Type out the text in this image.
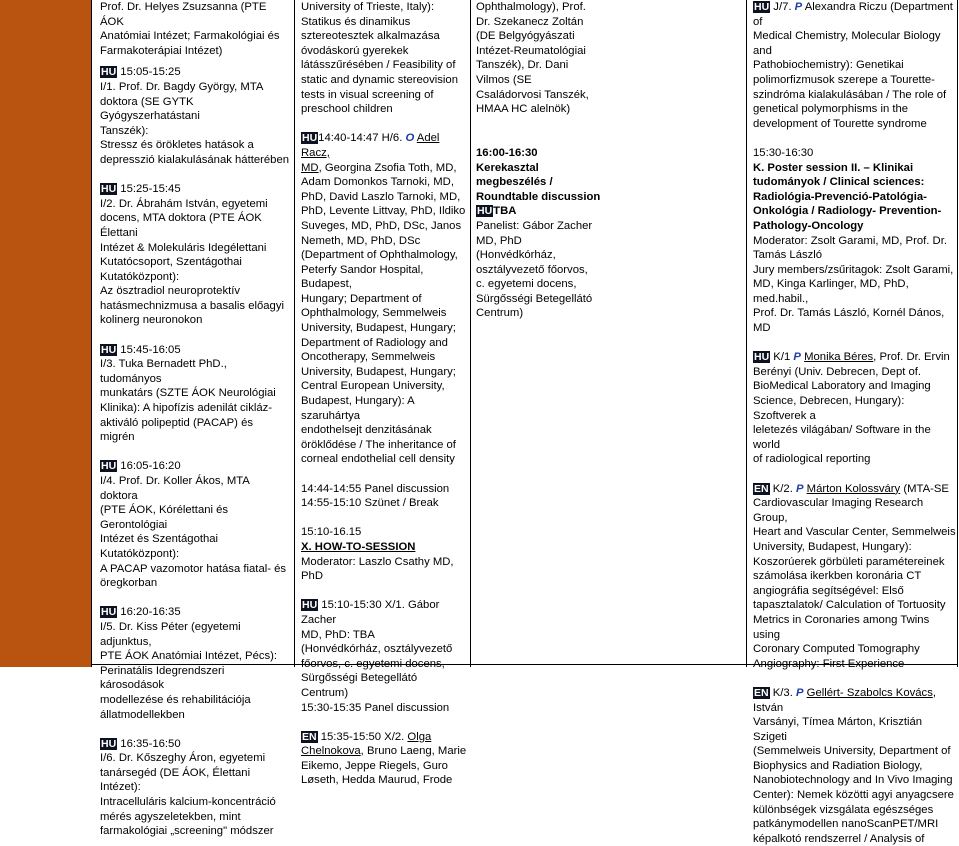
Prof. Dr. Helyes Zsuzsanna (PTE ÁOK
Anatómiai Intézet; Farmakológiai és
Farmakoterápiai Intézet)
HU 15:05-15:25
I/1. Prof. Dr. Bagdy György, MTA
doktora (SE GYTK Gyógyszerhatástani
Tanszék):
Stressz és örökletes hatások a
depresszió kialakulásának hátterében
HU 15:25-15:45
I/2. Dr. Ábrahám István, egyetemi
docens, MTA doktora (PTE ÁOK Élettani
Intézet & Molekuláris Idegélettani
Kutatócsoport, Szentágothai
Kutatóközpont):
Az ösztradiol neuroprotektív
hatásmechnizmusa a basalis előagyi
kolinerg neuronokon
HU 15:45-16:05
I/3. Tuka Bernadett PhD., tudományos
munkatárs (SZTE ÁOK Neurológiai
Klinika): A hipofízis adenilát cikláz-
aktiváló polipeptid (PACAP) és migrén
HU 16:05-16:20
I/4. Prof. Dr. Koller Ákos, MTA doktora
(PTE ÁOK, Kórélettani és Gerontológiai
Intézet és Szentágothai Kutatóközpont):
A PACAP vazomotor hatása fiatal- és
öregkorban
HU 16:20-16:35
I/5. Dr. Kiss Péter (egyetemi adjunktus,
PTE ÁOK Anatómiai Intézet, Pécs):
Perinatális Idegrendszeri károsodások
modellezése és rehabilitációja
állatmodellekben
HU 16:35-16:50
I/6. Dr. Kőszeghy Áron, egyetemi
tanársegéd (DE ÁOK, Élettani Intézet):
Intracelluláris kalcium-koncentráció
mérés agyszeletekben, mint
farmakológiai „screening" módszer
University of Trieste, Italy):
Statikus és dinamikus
sztereotesztek alkalmazása
óvodáskorú gyerekek
látásszűrésében / Feasibility of
static and dynamic stereovision
tests in visual screening of
preschool children
HU14:40-14:47 H/6. O Adel Racz,
MD, Georgina Zsofia Toth, MD,
Adam Domonkos Tarnoki, MD,
PhD, David Laszlo Tarnoki, MD,
PhD, Levente Littvay, PhD, Ildiko
Suveges, MD, PhD, DSc, Janos
Nemeth, MD, PhD, DSc
(Department of Ophthalmology,
Peterfy Sandor Hospital, Budapest,
Hungary; Department of
Ophthalmology, Semmelweis
University, Budapest, Hungary;
Department of Radiology and
Oncotherapy, Semmelweis
University, Budapest, Hungary;
Central European University,
Budapest, Hungary): A szaruhártya
endothelsejt denzitásának
öröklődése / The inheritance of
corneal endothelial cell density
14:44-14:55 Panel discussion
14:55-15:10 Szünet / Break
15:10-16.15
X. HOW-TO-SESSION
Moderator: Laszlo Csathy MD, PhD
HU 15:10-15:30 X/1. Gábor Zacher
MD, PhD: TBA
(Honvédkórház, osztályvezető
főorvos, c. egyetemi docens,
Sürgősségi Betegellátó Centrum)
15:30-15:35 Panel discussion
EN 15:35-15:50 X/2. Olga
Chelnokova, Bruno Laeng, Marie
Eikemo, Jeppe Riegels, Guro
Løseth, Hedda Maurud, Frode
Ophthalmology), Prof.
Dr. Szekanecz Zoltán
(DE Belgyógyászati
Intézet-Reumatológiai
Tanszék), Dr. Dani
Vilmos (SE
Családorvosi Tanszék,
HMAA HC alelnök)
16:00-16:30
Kerekasztal
megbeszélés /
Roundtable discussion
HUTBA
Panelist: Gábor Zacher
MD, PhD
(Honvédkórház,
osztályvezető főorvos,
c. egyetemi docens,
Sürgősségi Betegellátó
Centrum)
HU J/7. P Alexandra Riczu (Department of
Medical Chemistry, Molecular Biology and
Pathobiochemistry): Genetikai
polimorfizmusok szerepe a Tourette-
szindróma kialakulásában / The role of
genetical polymorphisms in the
development of Tourette syndrome
15:30-16:30
K. Poster session II. – Klinikai
tudományok / Clinical sciences:
Radiológia-Prevenció-Patológia-
Onkológia / Radiology- Prevention-
Pathology-Oncology
Moderator: Zsolt Garami, MD, Prof. Dr.
Tamás László
Jury members/zsűritagok: Zsolt Garami,
MD, Kinga Karlinger, MD, PhD, med.habil.,
Prof. Dr. Tamás László, Kornél Dános, MD
HU K/1 P Monika Béres, Prof. Dr. Ervin
Berényi (Univ. Debrecen, Dept of.
BioMedical Laboratory and Imaging
Science, Debrecen, Hungary): Szoftverek a
leletezés világában/ Software in the world
of radiological reporting
EN K/2. P Márton Kolossváry (MTA-SE
Cardiovascular Imaging Research Group,
Heart and Vascular Center, Semmelweis
University, Budapest, Hungary):
Koszorúerek görbületi paramétereinek
számolása ikerkben koronária CT
angiográfia segítségével: Első
tapasztalatok/ Calculation of Tortuosity
Metrics in Coronaries among Twins using
Coronary Computed Tomography
Angiography: First Experience
EN K/3. P Gellért- Szabolcs Kovács, István
Varsányi, Tímea Márton, Krisztián Szigeti
(Semmelweis University, Department of
Biophysics and Radiation Biology,
Nanobiotechnology and In Vivo Imaging
Center): Nemek közötti agyi anyagcsere
különbségek vizsgálata egészséges
patkánymodellen nanoScanPET/MRI
képalkotó rendszerrel / Analysis of
